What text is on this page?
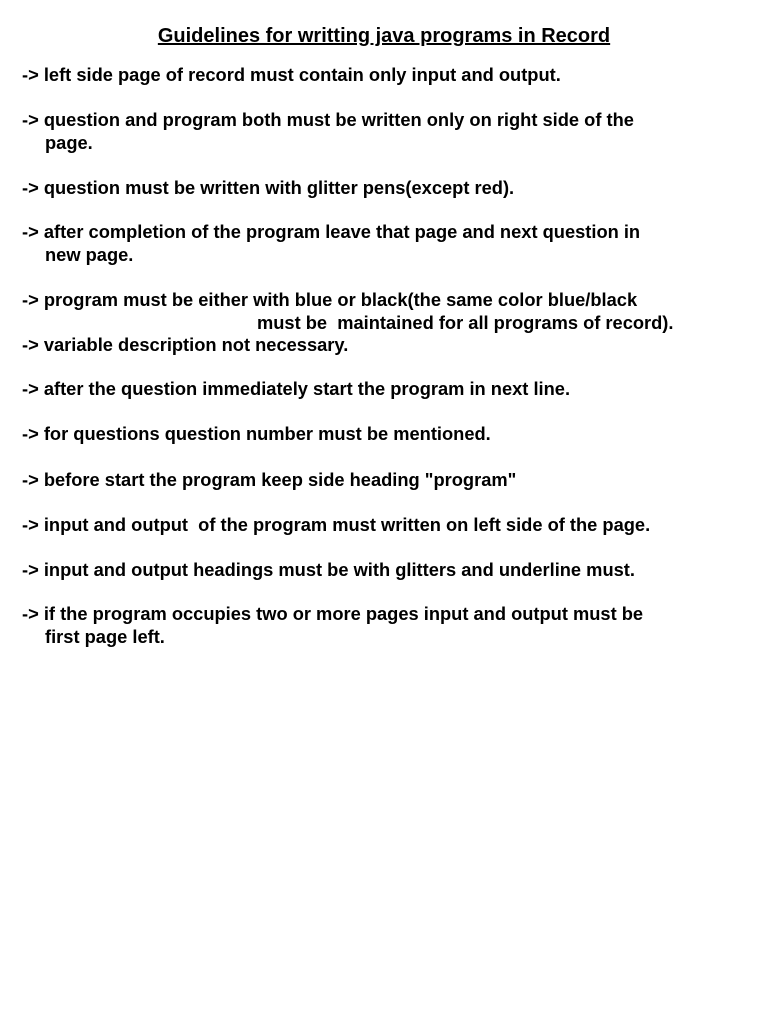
Guidelines for writting java programs in Record
-> left side page of record must contain only input and output.
-> question and program both must be written only on right side of the
page.
-> question must be written with glitter pens(except red).
-> after completion of the program leave that page and next question in
new page.
-> program must be either with blue or black(the same color blue/black
must be  maintained for all programs of record).
-> variable description not necessary.
-> after the question immediately start the program in next line.
-> for questions question number must be mentioned.
-> before start the program keep side heading "program"
-> input and output  of the program must written on left side of the page.
-> input and output headings must be with glitters and underline must.
-> if the program occupies two or more pages input and output must be
first page left.
